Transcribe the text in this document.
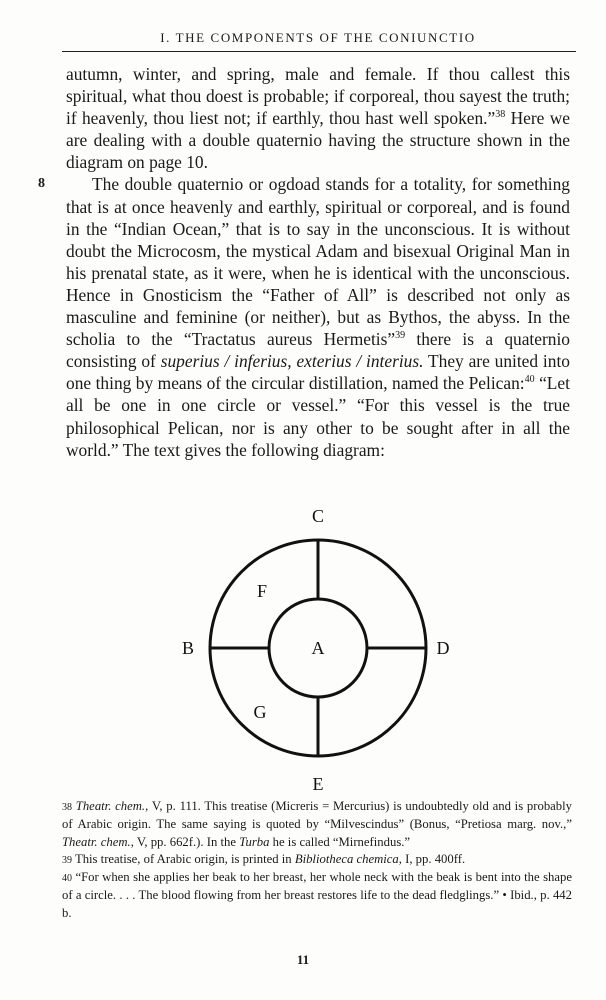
I. THE COMPONENTS OF THE CONIUNCTIO
8

autumn, winter, and spring, male and female. If thou callest this spiritual, what thou doest is probable; if corporeal, thou sayest the truth; if heavenly, thou liest not; if earthly, thou hast well spoken.”$^{38}$ Here we are dealing with a double quaternio having the structure shown in the diagram on page 10.

The double quaternio or ogdoad stands for a totality, for something that is at once heavenly and earthly, spiritual or corporeal, and is found in the “Indian Ocean,” that is to say in the unconscious. It is without doubt the Microcosm, the mystical Adam and bisexual Original Man in his prenatal state, as it were, when he is identical with the unconscious. Hence in Gnosticism the “Father of All” is described not only as masculine and feminine (or neither), but as Bythos, the abyss. In the scholia to the “Tractatus aureus Hermetis”$^{39}$ there is a quaternio consisting of superius / inferius, exterius / interius. They are united into one thing by means of the circular distillation, named the Pelican:$^{40}$ “Let all be one in one circle or vessel.” “For this vessel is the true philosophical Pelican, nor is any other to be sought after in all the world.” The text gives the following diagram:

C
B	A	D
E
F
G

38 Theatr. chem., V, p. 111. This treatise (Micreris = Mercurius) is undoubtedly old and is probably of Arabic origin. The same saying is quoted by “Milvescindus” (Bonus, “Pretiosa marg. nov.,” Theatr. chem., V, pp. 662f.). In the Turba he is called “Mirnefindus.”

39 This treatise, of Arabic origin, is printed in Bibliotheca chemica, I, pp. 400ff.

40 “For when she applies her beak to her breast, her whole neck with the beak is bent into the shape of a circle. . . . The blood flowing from her breast restores life to the dead fledglings.” • Ibid., p. 442 b.

11
